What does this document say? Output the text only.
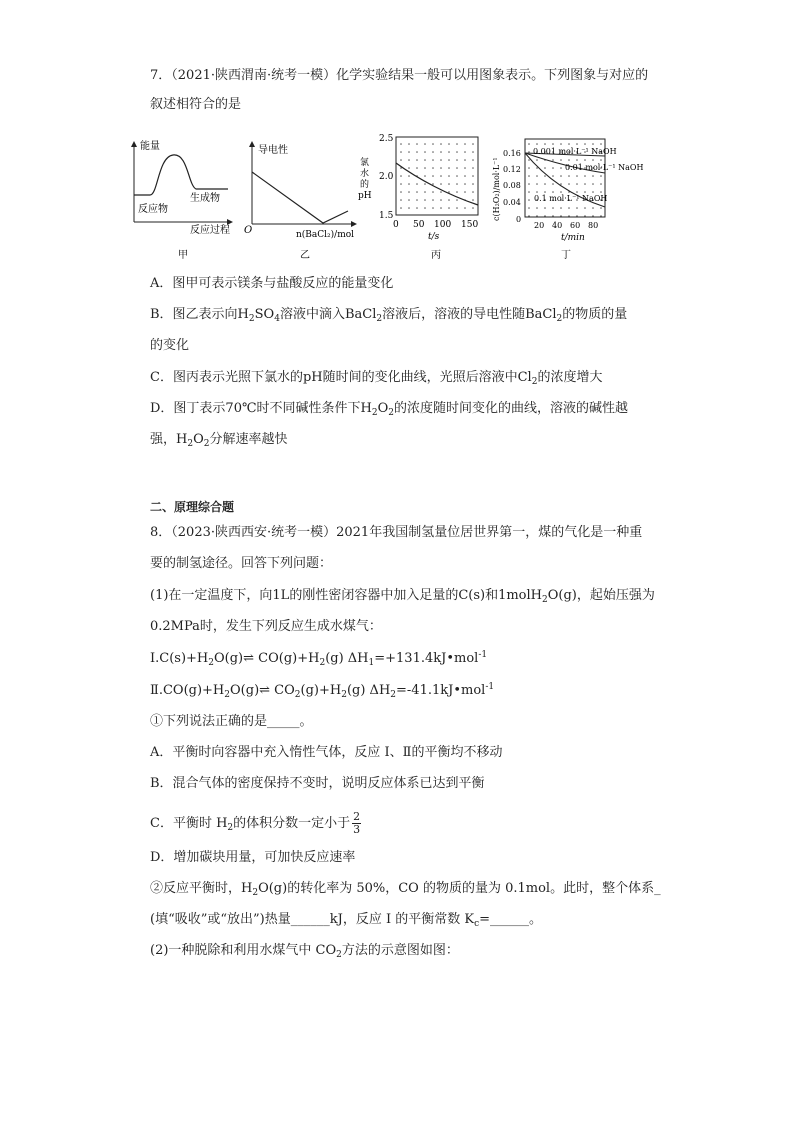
7．（2021·陕西渭南·统考一模）化学实验结果一般可以用图象表示。下列图象与对应的
叙述相符合的是
能量
生成物
反应物
反应过程
甲
导电性
O	n(BaCl₂)/mol
乙
氯
水
的
pH
2.5
2.0
1.5
0 50 100 150
t/s
丙
c(H₂O₂)/mol·L⁻¹
0.16
0.12
0.08
0.04
0
20 40 60 80
t/min
0.001 mol·L⁻¹ NaOH
0.01 mol·L⁻¹ NaOH
0.1 mol·L⁻¹ NaOH
丁
A．图甲可表示镁条与盐酸反应的能量变化
B．图乙表示向$H_2SO_4$溶液中滴入BaCl$_2$溶液后，溶液的导电性随BaCl$_2$的物质的量
的变化
C．图丙表示光照下氯水的pH随时间的变化曲线，光照后溶液中$Cl_2$的浓度增大
D．图丁表示70℃时不同碱性条件下$H_2O_2$的浓度随时间变化的曲线，溶液的碱性越
强，$H_2O_2$分解速率越快
二、原理综合题
8．（2023·陕西西安·统考一模）2021年我国制氢量位居世界第一，煤的气化是一种重
要的制氢途径。回答下列问题：
(1)在一定温度下，向1L的刚性密闭容器中加入足量的C(s)和1molH$_2$O(g)，起始压强为
0.2MPa时，发生下列反应生成水煤气：
$I.C(s)+H_2O(g)\rightleftharpoons$ $CO(g)+H_2(g)$ $\Delta H_1=+131.4kJ•mol^{-1}$
$Ⅱ.CO(g)+H_2O(g)\rightleftharpoons$ $CO_2(g)+H_2(g)$ $\Delta H_2=-41.1kJ•mol^{-1}$
①下列说法正确的是_____。
A．平衡时向容器中充入惰性气体，反应 I、Ⅱ的平衡均不移动
B．混合气体的密度保持不变时，说明反应体系已达到平衡
C．平衡时 $H_2$的体积分数一定小于 $\frac{2}{3}$
D．增加碳块用量，可加快反应速率
②反应平衡时，$H_2O(g)$的转化率为 50%，CO 的物质的量为 0.1mol。此时，整个体系_
(填“吸收”或“放出”)热量______kJ，反应 I 的平衡常数 $K_c=\_\_\_\_\_\_$。
(2)一种脱除和利用水煤气中 $CO_2$方法的示意图如图：
